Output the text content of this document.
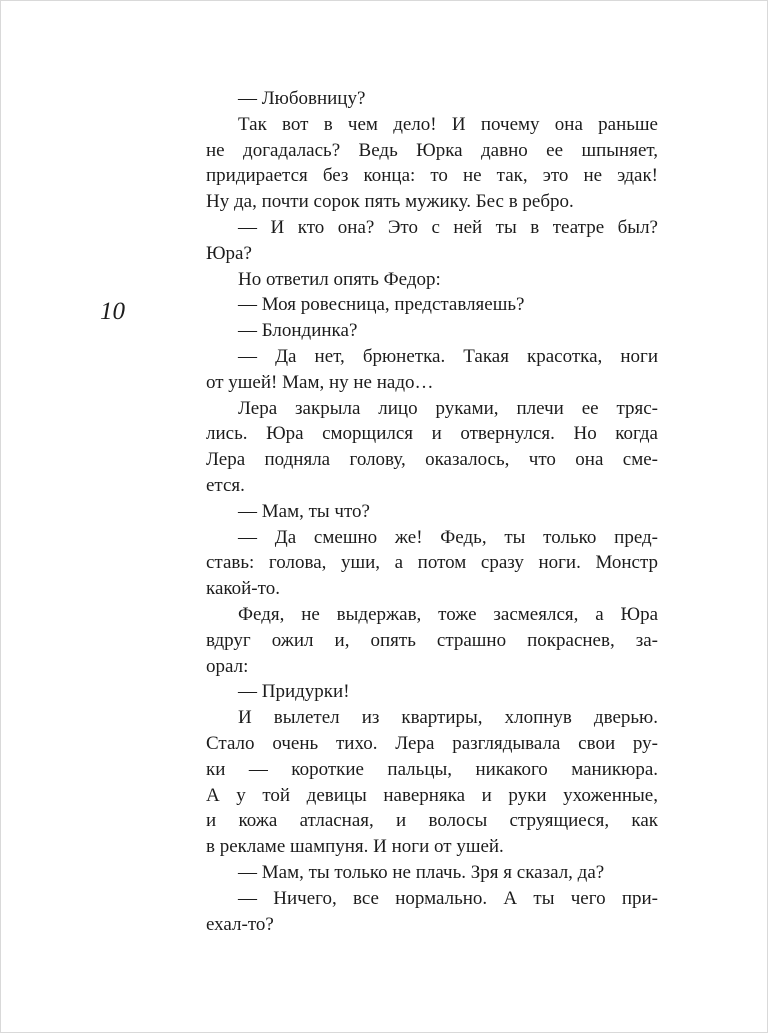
10
— Любовницу?
Так вот в чем дело! И почему она раньше
не догадалась? Ведь Юрка давно ее шпыняет,
придирается без конца: то не так, это не эдак!
Ну да, почти сорок пять мужику. Бес в ребро.
— И кто она? Это с ней ты в театре был?
Юра?
Но ответил опять Федор:
— Моя ровесница, представляешь?
— Блондинка?
— Да нет, брюнетка. Такая красотка, ноги
от ушей! Мам, ну не надо…
Лера закрыла лицо руками, плечи ее тряс-
лись. Юра сморщился и отвернулся. Но когда
Лера подняла голову, оказалось, что она сме-
ется.
— Мам, ты что?
— Да смешно же! Федь, ты только пред-
ставь: голова, уши, а потом сразу ноги. Монстр
какой-то.
Федя, не выдержав, тоже засмеялся, а Юра
вдруг ожил и, опять страшно покраснев, за-
орал:
— Придурки!
И вылетел из квартиры, хлопнув дверью.
Стало очень тихо. Лера разглядывала свои ру-
ки — короткие пальцы, никакого маникюра.
А у той девицы наверняка и руки ухоженные,
и кожа атласная, и волосы струящиеся, как
в рекламе шампуня. И ноги от ушей.
— Мам, ты только не плачь. Зря я сказал, да?
— Ничего, все нормально. А ты чего при-
ехал-то?
